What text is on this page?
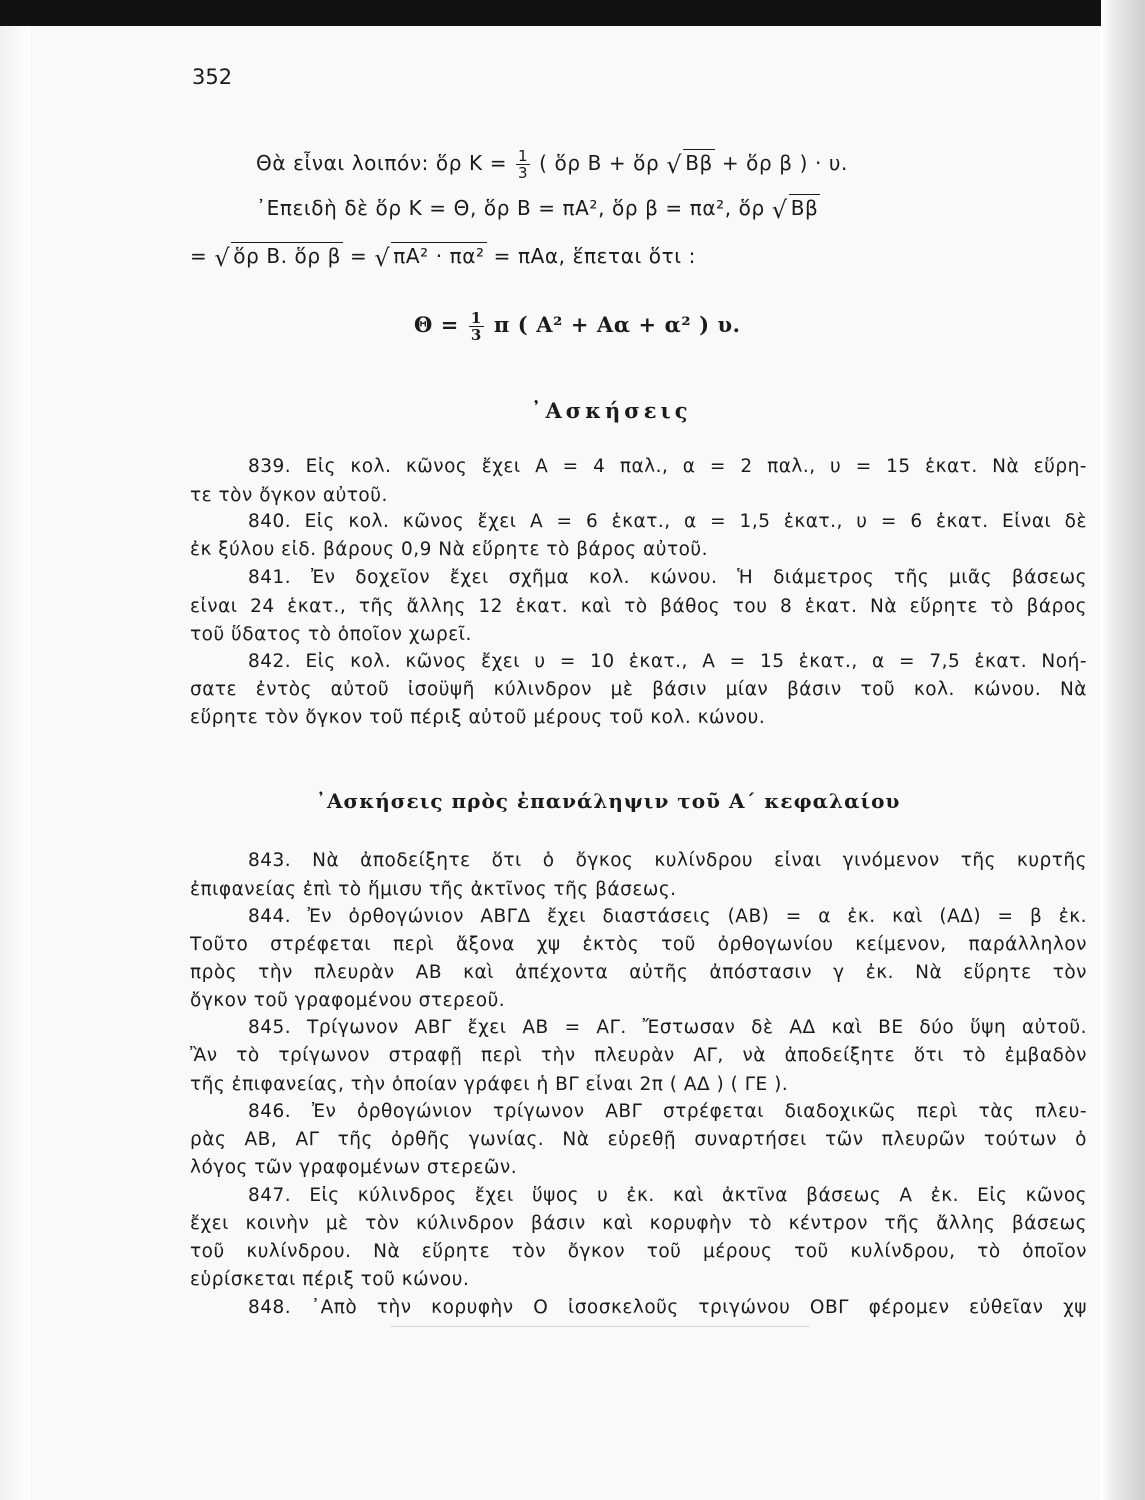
352
Θὰ εἶναι λοιπόν: ὅρ $K = \frac{1}{3}$ ( ὅρ Β + ὅρ √ Ββ + ὅρ β ) · υ.
᾿Επειδὴ δὲ ὅρ Κ = Θ, ὅρ Β = πΑ², ὅρ β = πα², ὅρ √ Ββ
= √ ὅρ Β. ὅρ β = √ πΑ² · πα² = πΑα, ἕπεται ὅτι :
$\Theta = \frac{1}{3}$ π ( Α² + Αα + α² ) υ.
᾿Ασκήσεις
839. Εἰς κολ. κῶνος ἔχει Α = 4 παλ., α = 2 παλ., υ = 15 ἑκατ. Νὰ εὕρη-
τε τὸν ὄγκον αὐτοῦ.
840. Εἰς κολ. κῶνος ἔχει Α = 6 ἑκατ., α = 1,5 ἑκατ., υ = 6 ἑκατ. Εἶναι δὲ
ἐκ ξύλου εἰδ. βάρους 0,9 Νὰ εὕρητε τὸ βάρος αὐτοῦ.
841. Ἐν δοχεῖον ἔχει σχῆμα κολ. κώνου. Ἡ διάμετρος τῆς μιᾶς βάσεως
εἶναι 24 ἑκατ., τῆς ἄλλης 12 ἑκατ. καὶ τὸ βάθος του 8 ἑκατ. Νὰ εὕρητε τὸ βάρος
τοῦ ὕδατος τὸ ὁποῖον χωρεῖ.
842. Εἰς κολ. κῶνος ἔχει υ = 10 ἑκατ., Α = 15 ἑκατ., α = 7,5 ἑκατ. Νοή-
σατε ἐντὸς αὐτοῦ ἰσοϋψῆ κύλινδρον μὲ βάσιν μίαν βάσιν τοῦ κολ. κώνου. Νὰ
εὕρητε τὸν ὄγκον τοῦ πέριξ αὐτοῦ μέρους τοῦ κολ. κώνου.
᾿Ασκήσεις πρὸς ἐπανάληψιν τοῦ Α΄ κεφαλαίου
843. Νὰ ἀποδείξητε ὅτι ὁ ὄγκος κυλίνδρου εἶναι γινόμενον τῆς κυρτῆς
ἐπιφανείας ἐπὶ τὸ ἥμισυ τῆς ἀκτῖνος τῆς βάσεως.
844. Ἐν ὀρθογώνιον ΑΒΓΔ ἔχει διαστάσεις (ΑΒ) = α ἐκ. καὶ (ΑΔ) = β ἐκ.
Τοῦτο στρέφεται περὶ ἄξονα χψ ἐκτὸς τοῦ ὀρθογωνίου κείμενον, παράλληλον
πρὸς τὴν πλευρὰν ΑΒ καὶ ἀπέχοντα αὐτῆς ἀπόστασιν γ ἐκ. Νὰ εὕρητε τὸν
ὄγκον τοῦ γραφομένου στερεοῦ.
845. Τρίγωνον ΑΒΓ ἔχει ΑΒ = ΑΓ. Ἔστωσαν δὲ ΑΔ καὶ ΒΕ δύο ὕψη αὐτοῦ.
Ἂν τὸ τρίγωνον στραφῇ περὶ τὴν πλευρὰν ΑΓ, νὰ ἀποδείξητε ὅτι τὸ ἐμβαδὸν
τῆς ἐπιφανείας, τὴν ὁποίαν γράφει ἡ ΒΓ εἶναι 2π ( ΑΔ ) ( ΓΕ ).
846. Ἐν ὀρθογώνιον τρίγωνον ΑΒΓ στρέφεται διαδοχικῶς περὶ τὰς πλευ-
ρὰς ΑΒ, ΑΓ τῆς ὀρθῆς γωνίας. Νὰ εὑρεθῇ συναρτήσει τῶν πλευρῶν τούτων ὁ
λόγος τῶν γραφομένων στερεῶν.
847. Εἰς κύλινδρος ἔχει ὕψος υ ἐκ. καὶ ἀκτῖνα βάσεως Α ἐκ. Εἰς κῶνος
ἔχει κοινὴν μὲ τὸν κύλινδρον βάσιν καὶ κορυφὴν τὸ κέντρον τῆς ἄλλης βάσεως
τοῦ κυλίνδρου. Νὰ εὕρητε τὸν ὄγκον τοῦ μέρους τοῦ κυλίνδρου, τὸ ὁποῖον
εὑρίσκεται πέριξ τοῦ κώνου.
848. ᾿Απὸ τὴν κορυφὴν Ο ἰσοσκελοῦς τριγώνου ΟΒΓ φέρομεν εὐθεῖαν χψ
